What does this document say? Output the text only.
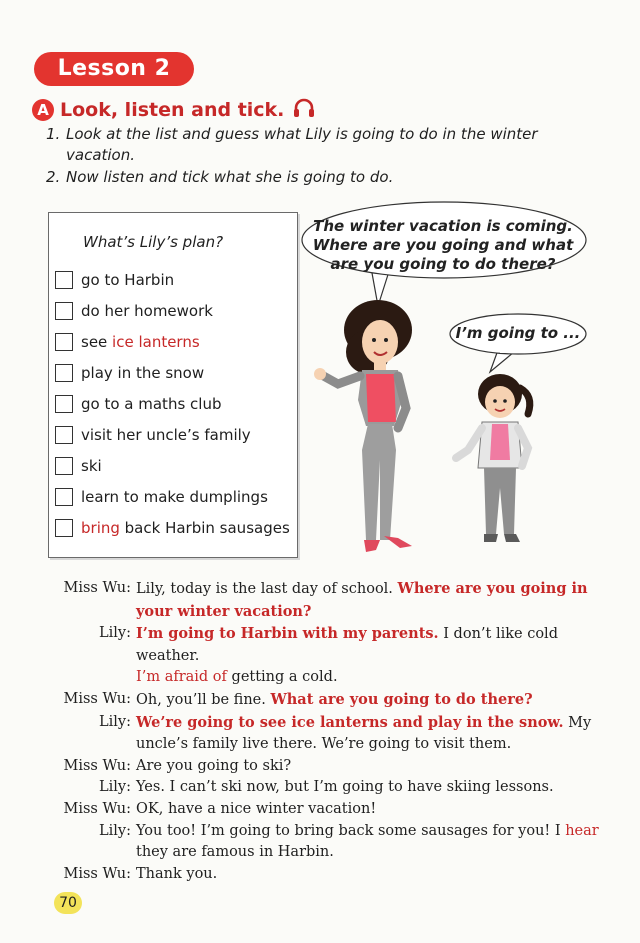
Lesson 2
A Look, listen and tick.
1. Look at the list and guess what Lily is going to do in the winter
vacation.
2. Now listen and tick what she is going to do.
What’s Lily’s plan?
go to Harbin
do her homework
see ice lanterns
play in the snow
go to a maths club
visit her uncle’s family
ski
learn to make dumplings
bring back Harbin sausages
The winter vacation is coming.
Where are you going and what
are you going to do there?
I’m going to ...
Miss Wu: Lily, today is the last day of school. Where are you going in
your winter vacation?
Lily: I’m going to Harbin with my parents. I don’t like cold weather.
I’m afraid of getting a cold.
Miss Wu: Oh, you’ll be fine. What are you going to do there?
Lily: We’re going to see ice lanterns and play in the snow. My
uncle’s family live there. We’re going to visit them.
Miss Wu: Are you going to ski?
Lily: Yes. I can’t ski now, but I’m going to have skiing lessons.
Miss Wu: OK, have a nice winter vacation!
Lily: You too! I’m going to bring back some sausages for you! I hear
they are famous in Harbin.
Miss Wu: Thank you.
70
